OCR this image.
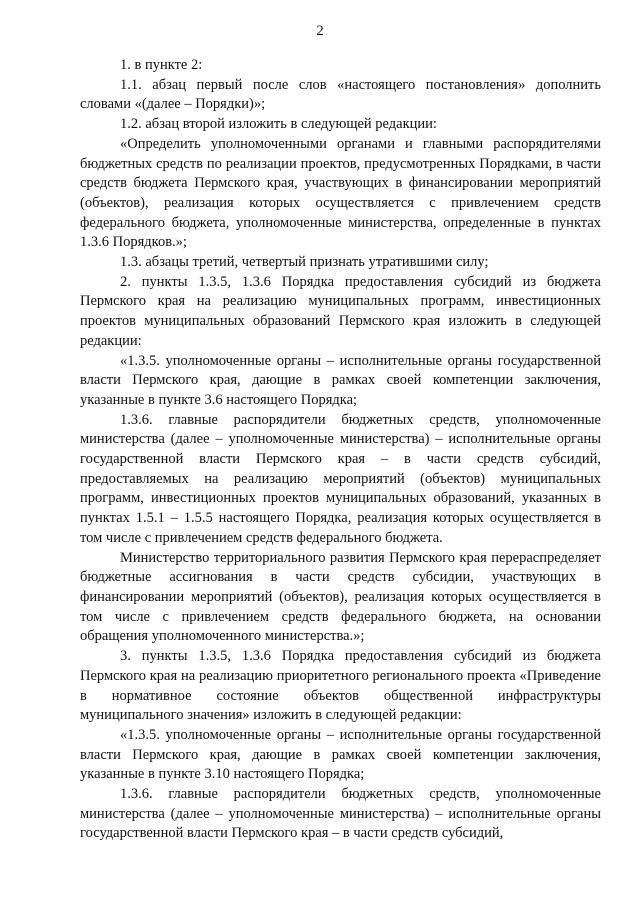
2

1. в пункте 2:

1.1. абзац первый после слов «настоящего постановления» дополнить словами «(далее – Порядки)»;

1.2. абзац второй изложить в следующей редакции:

«Определить уполномоченными органами и главными распорядителями бюджетных средств по реализации проектов, предусмотренных Порядками, в части средств бюджета Пермского края, участвующих в финансировании мероприятий (объектов), реализация которых осуществляется с привлечением средств федерального бюджета, уполномоченные министерства, определенные в пунктах 1.3.6 Порядков.»;

1.3. абзацы третий, четвертый признать утратившими силу;

2. пункты 1.3.5, 1.3.6 Порядка предоставления субсидий из бюджета Пермского края на реализацию муниципальных программ, инвестиционных проектов муниципальных образований Пермского края изложить в следующей редакции:

«1.3.5. уполномоченные органы – исполнительные органы государственной власти Пермского края, дающие в рамках своей компетенции заключения, указанные в пункте 3.6 настоящего Порядка;

1.3.6. главные распорядители бюджетных средств, уполномоченные министерства (далее – уполномоченные министерства) – исполнительные органы государственной власти Пермского края – в части средств субсидий, предоставляемых на реализацию мероприятий (объектов) муниципальных программ, инвестиционных проектов муниципальных образований, указанных в пунктах 1.5.1 – 1.5.5 настоящего Порядка, реализация которых осуществляется в том числе с привлечением средств федерального бюджета.

Министерство территориального развития Пермского края перераспределяет бюджетные ассигнования в части средств субсидии, участвующих в финансировании мероприятий (объектов), реализация которых осуществляется в том числе с привлечением средств федерального бюджета, на основании обращения уполномоченного министерства.»;

3. пункты 1.3.5, 1.3.6 Порядка предоставления субсидий из бюджета Пермского края на реализацию приоритетного регионального проекта «Приведение в нормативное состояние объектов общественной инфраструктуры муниципального значения» изложить в следующей редакции:

«1.3.5. уполномоченные органы – исполнительные органы государственной власти Пермского края, дающие в рамках своей компетенции заключения, указанные в пункте 3.10 настоящего Порядка;

1.3.6. главные распорядители бюджетных средств, уполномоченные министерства (далее – уполномоченные министерства) – исполнительные органы государственной власти Пермского края – в части средств субсидий,
